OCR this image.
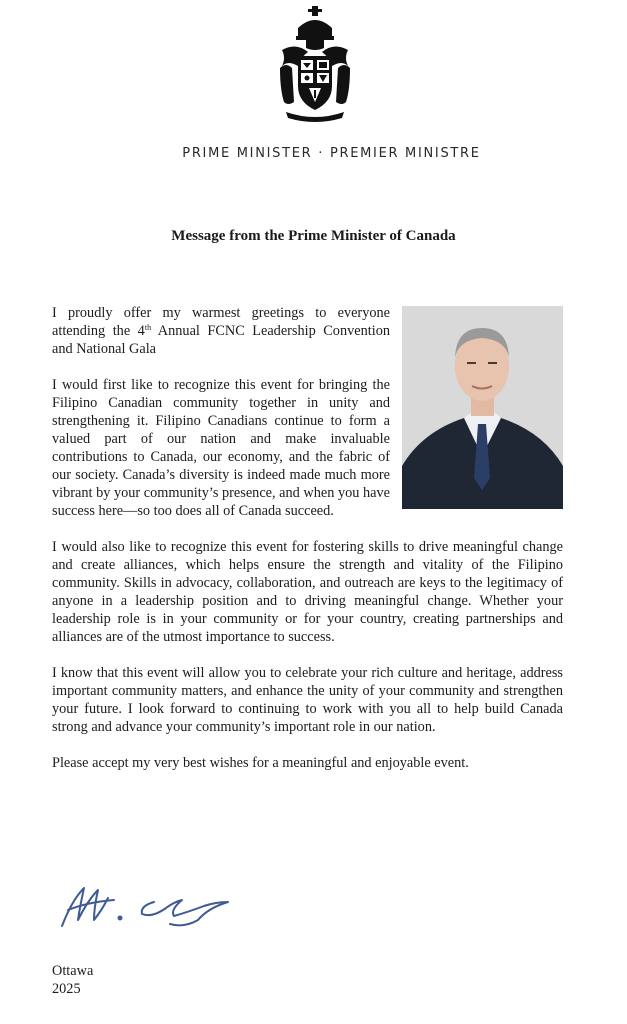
PRIME MINISTER · PREMIER MINISTRE
Message from the Prime Minister of Canada

I proudly offer my warmest greetings to everyone attending the 4th Annual FCNC Leadership Convention and National Gala

I would first like to recognize this event for bringing the Filipino Canadian community together in unity and strengthening it. Filipino Canadians continue to form a valued part of our nation and make invaluable contributions to Canada, our economy, and the fabric of our society. Canada’s diversity is indeed made much more vibrant by your community’s presence, and when you have success here—so too does all of Canada succeed.

I would also like to recognize this event for fostering skills to drive meaningful change and create alliances, which helps ensure the strength and vitality of the Filipino community. Skills in advocacy, collaboration, and outreach are keys to the legitimacy of anyone in a leadership position and to driving meaningful change. Whether your leadership role is in your community or for your country, creating partnerships and alliances are of the utmost importance to success.

I know that this event will allow you to celebrate your rich culture and heritage, address important community matters, and enhance the unity of your community and strengthen your future. I look forward to continuing to work with you all to help build Canada strong and advance your community’s important role in our nation.

Please accept my very best wishes for a meaningful and enjoyable event.

Ottawa
2025
